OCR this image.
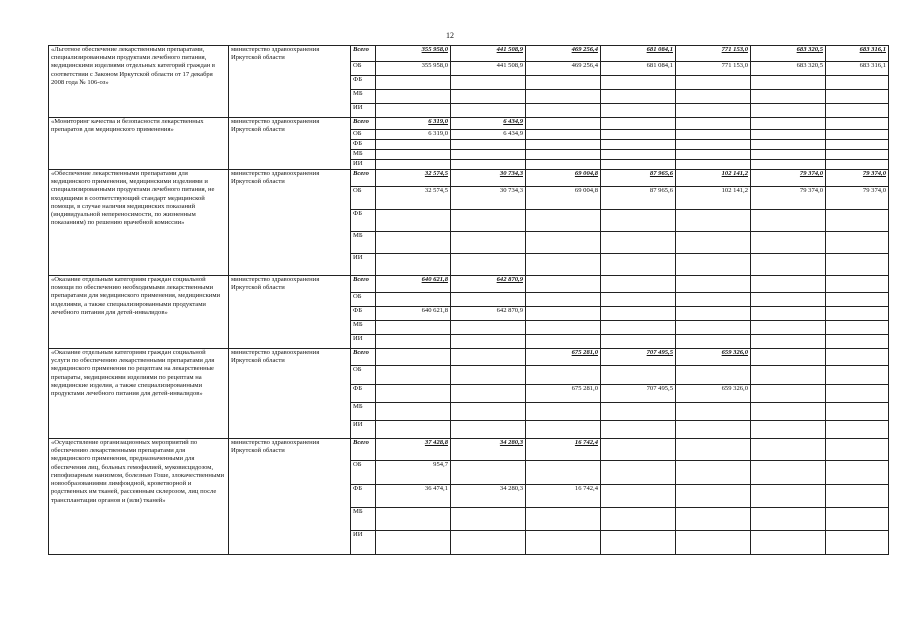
12
«Льготное обеспечение лекарственными препаратами, специализированными продуктами лечебного питания, медицинскими изделиями отдельных категорий граждан в соответствии с Законом Иркутской области от 17 декабря 2008 года № 106-оз»	министерство здравоохранения Иркутской области	Всего	355 958,0	441 508,9	469 256,4	681 084,1	771 153,0	683 320,5	683 316,1
		ОБ	355 958,0	441 508,9	469 256,4	681 084,1	771 153,0	683 320,5	683 316,1
		ФБ							
		МБ							
		ИИ							
«Мониторинг качества и безопасности лекарственных препаратов для медицинского применения»	министерство здравоохранения Иркутской области	Всего	6 319,0	6 434,9					
		ОБ	6 319,0	6 434,9					
		ФБ							
		МБ							
		ИИ							
«Обеспечение лекарственными препаратами для медицинского применения, медицинскими изделиями и специализированными продуктами лечебного питания, не входящими в соответствующий стандарт медицинской помощи, в случае наличия медицинских показаний (индивидуальной непереносимости, по жизненным показаниям) по решению врачебной комиссии»	министерство здравоохранения Иркутской области	Всего	32 574,5	30 734,3	69 004,8	87 965,6	102 141,2	79 374,0	79 374,0
		ОБ	32 574,5	30 734,3	69 004,8	87 965,6	102 141,2	79 374,0	79 374,0
		ФБ							
		МБ							
		ИИ							
«Оказание отдельным категориям граждан социальной помощи по обеспечению необходимыми лекарственными препаратами для медицинского применения, медицинскими изделиями, а также специализированными продуктами лечебного питания для детей-инвалидов»	министерство здравоохранения Иркутской области	Всего	640 621,8	642 870,9					
		ОБ							
		ФБ	640 621,8	642 870,9					
		МБ							
		ИИ							
«Оказание отдельным категориям граждан социальной услуги по обеспечению лекарственными препаратами для медицинского применения по рецептам на лекарственные препараты, медицинскими изделиями по рецептам на медицинские изделия, а также специализированными продуктами лечебного питания для детей-инвалидов»	министерство здравоохранения Иркутской области	Всего			675 281,0	707 495,5	659 326,0		
		ОБ							
		ФБ			675 281,0	707 495,5	659 326,0		
		МБ							
		ИИ							
«Осуществление организационных мероприятий по обеспечению лекарственными препаратами для медицинского применения, предназначенными для обеспечения лиц, больных гемофилией, муковисцидозом, гипофизарным нанизмом, болезнью Гоше, злокачественными новообразованиями лимфоидной, кроветворной и родственных им тканей, рассеянным склерозом, лиц после трансплантации органов и (или) тканей»	министерство здравоохранения Иркутской области	Всего	37 428,8	34 280,3	16 742,4				
		ОБ	954,7						
		ФБ	36 474,1	34 280,3	16 742,4				
		МБ							
		ИИ							
